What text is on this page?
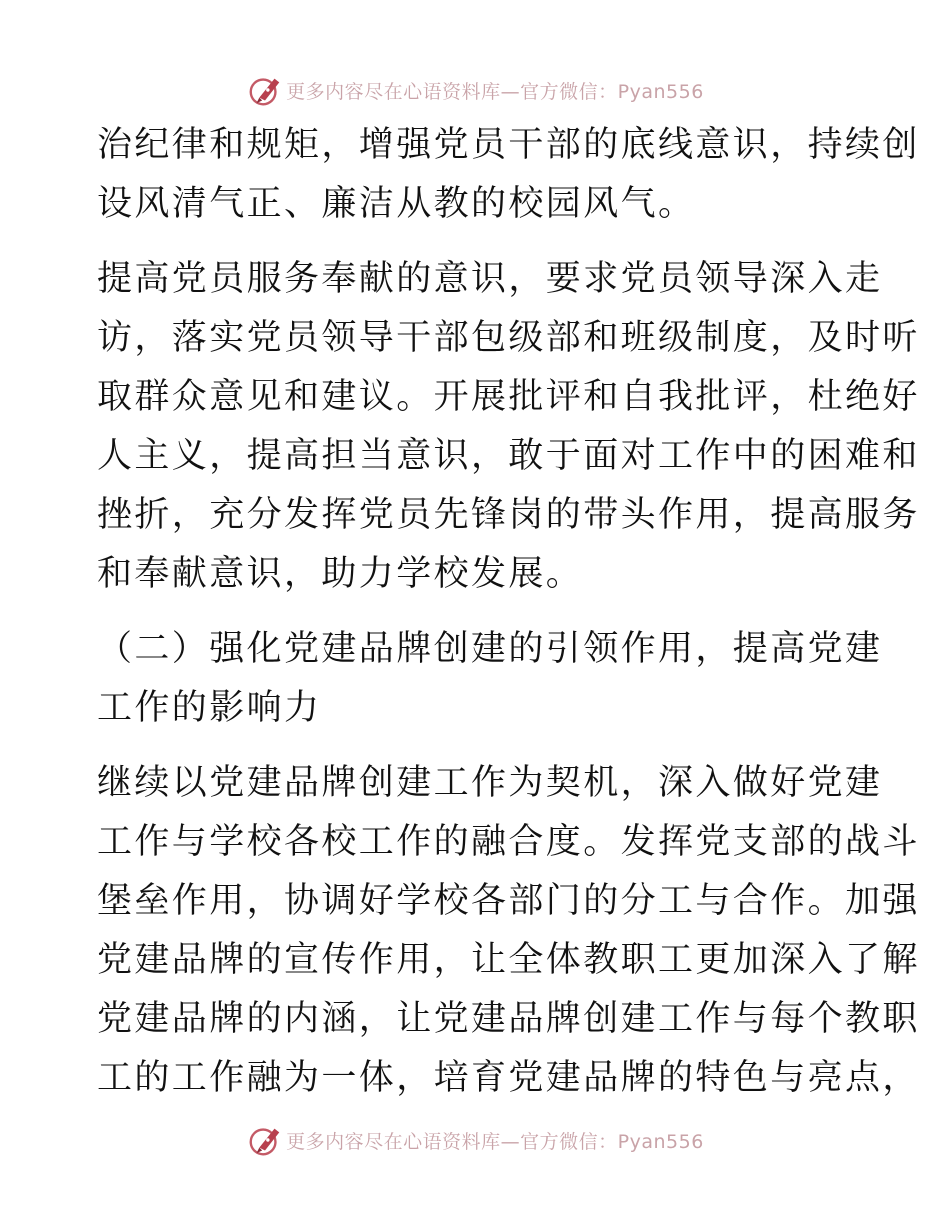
更多内容尽在心语资料库—官方微信：Pyan556
治纪律和规矩，增强党员干部的底线意识，持续创
设风清气正、廉洁从教的校园风气。
提高党员服务奉献的意识，要求党员领导深入走
访，落实党员领导干部包级部和班级制度，及时听
取群众意见和建议。开展批评和自我批评，杜绝好
人主义，提高担当意识，敢于面对工作中的困难和
挫折，充分发挥党员先锋岗的带头作用，提高服务
和奉献意识，助力学校发展。
（二）强化党建品牌创建的引领作用，提高党建
工作的影响力
继续以党建品牌创建工作为契机，深入做好党建
工作与学校各校工作的融合度。发挥党支部的战斗
堡垒作用，协调好学校各部门的分工与合作。加强
党建品牌的宣传作用，让全体教职工更加深入了解
党建品牌的内涵，让党建品牌创建工作与每个教职
工的工作融为一体，培育党建品牌的特色与亮点，
更多内容尽在心语资料库—官方微信：Pyan556
